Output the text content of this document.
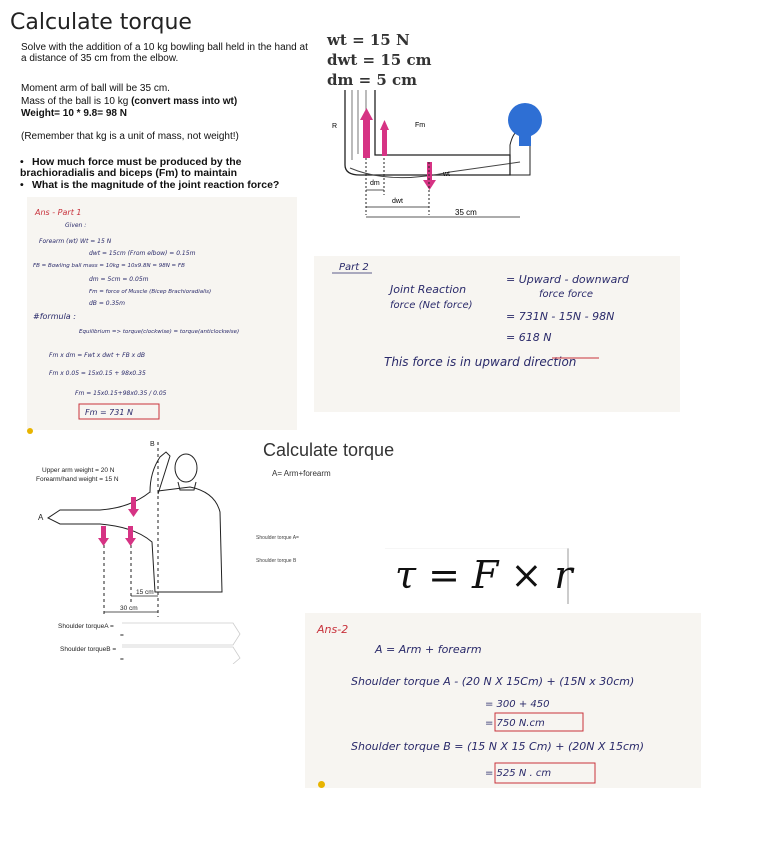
Calculate torque
Solve with the addition of a 10 kg bowling ball held in the hand at a distance of 35 cm from the elbow.
Moment arm of ball will be 35 cm.
Mass of the ball is 10 kg (convert mass into wt)
Weight= 10 * 9.8= 98 N
(Remember that kg is a unit of mass, not weight!)
• How much force must be produced by the brachioradialis and biceps (Fm) to maintain
• What is the magnitude of the joint reaction force?
wt = 15 N
dwt = 15 cm
dm = 5 cm
R	Fm
wt
dm
dwt
35 cm
Ans - Part 1
Given :
Forearm (wt) Wt = 15 N
dwt = 15cm (From elbow) = 0.15m
FB = Bowling ball mass = 10kg = 10x9.8N = 98N = FB
dm = 5cm = 0.05m
Fm = force of Muscle (Bicep Brachioradialis)
dB = 0.35m
#formula :
Equilibrium => torque(clockwise) = torque(anticlockwise)
Fm x dm = Fwt x dwt + FB x dB
Fm x 0.05 = 15x0.15 + 98x0.35
Fm = 15x0.15+98x0.35 / 0.05
Fm = 731 N
Part 2
Joint Reaction
force (Net force)
= Upward - downward
force force
= 731N - 15N - 98N
= 618 N
This force is in upward direction
Upper arm weight = 20 N
Forearm/hand weight = 15 N
A
B
15 cm
30 cm
Shoulder torqueA =
=
Shoulder torqueB =
=
Calculate torque
A= Arm+forearm
Shoulder torque A=
Shoulder torque B	τ = F × r
Ans-2
A = Arm + forearm
Shoulder torque A - (20 N X 15Cm) + (15N x 30cm)
= 300 + 450
= 750 N.cm
Shoulder torque B = (15 N X 15 Cm) + (20N X 15cm)
= 525 N . cm
